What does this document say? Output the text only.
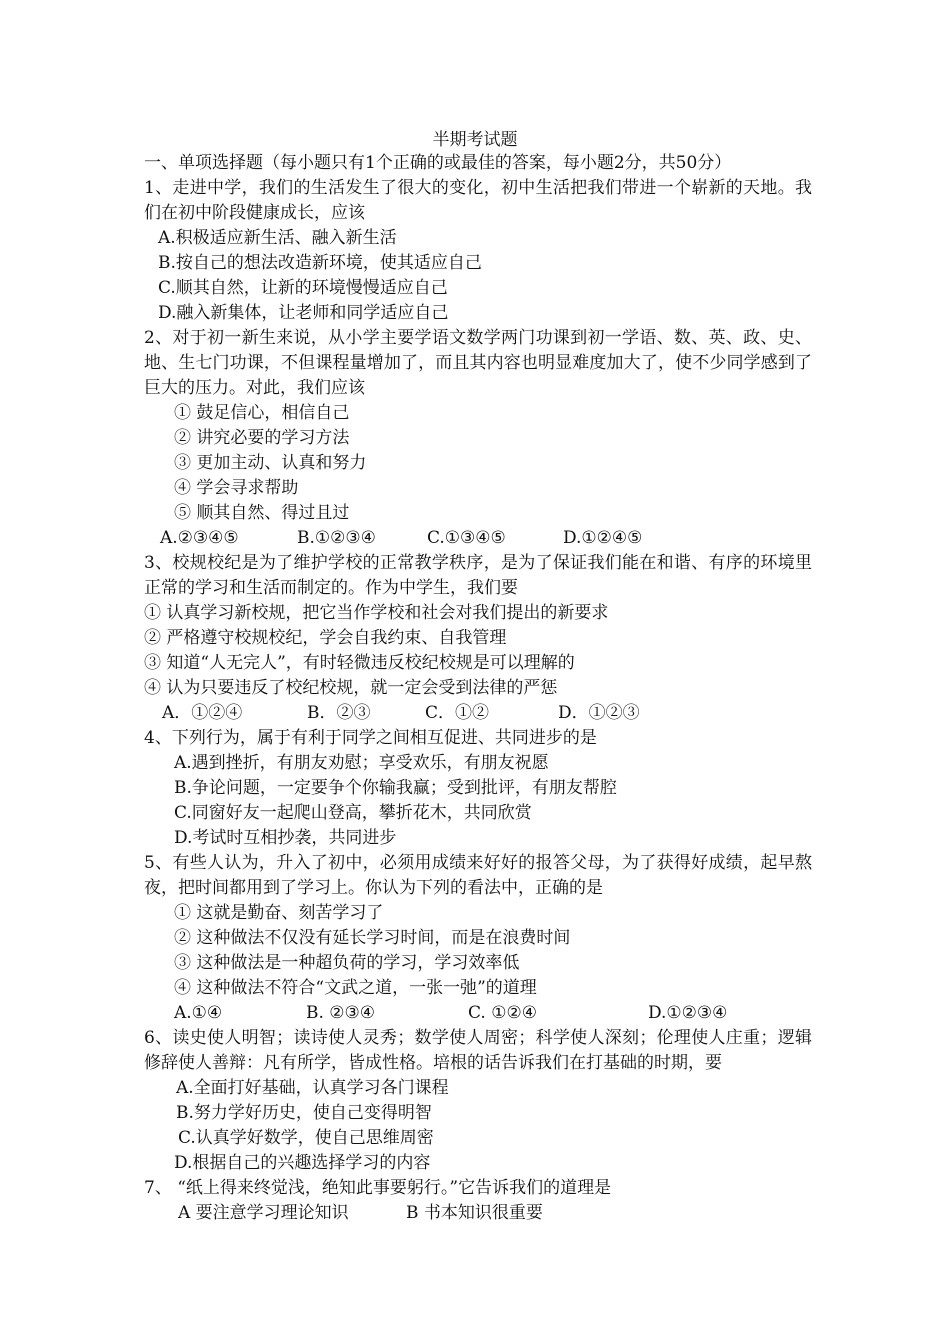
半期考试题

一、单项选择题（每小题只有1个正确的或最佳的答案，每小题2分，共50分）

1、走进中学，我们的生活发生了很大的变化，初中生活把我们带进一个崭新的天地。我们在初中阶段健康成长，应该

A.积极适应新生活、融入新生活

B.按自己的想法改造新环境，使其适应自己

C.顺其自然，让新的环境慢慢适应自己

D.融入新集体，让老师和同学适应自己

2、对于初一新生来说，从小学主要学语文数学两门功课到初一学语、数、英、政、史、地、生七门功课，不但课程量增加了，而且其内容也明显难度加大了，使不少同学感到了巨大的压力。对此，我们应该

① 鼓足信心，相信自己

② 讲究必要的学习方法

③ 更加主动、认真和努力

④ 学会寻求帮助

⑤ 顺其自然、得过且过

A.②③④⑤	B.①②③④	C.①③④⑤	D.①②④⑤

3、校规校纪是为了维护学校的正常教学秩序，是为了保证我们能在和谐、有序的环境里正常的学习和生活而制定的。作为中学生，我们要

① 认真学习新校规，把它当作学校和社会对我们提出的新要求

② 严格遵守校规校纪，学会自我约束、自我管理

③ 知道“人无完人”，有时轻微违反校纪校规是可以理解的

④ 认为只要违反了校纪校规，就一定会受到法律的严惩

A．①②④	B．②③	C．①②	D．①②③

4、下列行为，属于有利于同学之间相互促进、共同进步的是

A.遇到挫折，有朋友劝慰；享受欢乐，有朋友祝愿

B.争论问题，一定要争个你输我赢；受到批评，有朋友帮腔

C.同窗好友一起爬山登高，攀折花木，共同欣赏

D.考试时互相抄袭，共同进步

5、有些人认为，升入了初中，必须用成绩来好好的报答父母，为了获得好成绩，起早熬夜，把时间都用到了学习上。你认为下列的看法中，正确的是

① 这就是勤奋、刻苦学习了

② 这种做法不仅没有延长学习时间，而是在浪费时间

③ 这种做法是一种超负荷的学习，学习效率低

④ 这种做法不符合“文武之道，一张一弛”的道理

A.①④	B. ②③④	C. ①②④	D.①②③④

6、读史使人明智；读诗使人灵秀；数学使人周密；科学使人深刻；伦理使人庄重；逻辑修辞使人善辩：凡有所学，皆成性格。培根的话告诉我们在打基础的时期，要

A.全面打好基础，认真学习各门课程

B.努力学好历史，使自己变得明智

C.认真学好数学，使自己思维周密

D.根据自己的兴趣选择学习的内容

7、 “纸上得来终觉浅，绝知此事要躬行。”它告诉我们的道理是

A 要注意学习理论知识	B 书本知识很重要
